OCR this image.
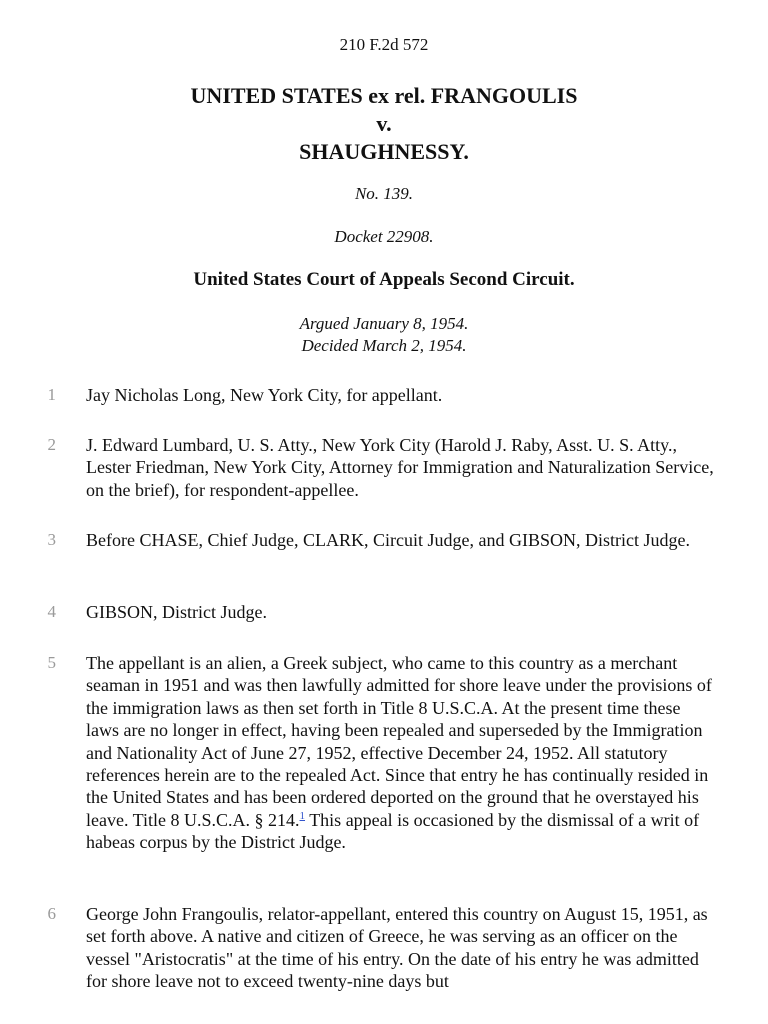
210 F.2d 572
UNITED STATES ex rel. FRANGOULIS
v.
SHAUGHNESSY.
No. 139.
Docket 22908.
United States Court of Appeals Second Circuit.
Argued January 8, 1954.
Decided March 2, 1954.
1 Jay Nicholas Long, New York City, for appellant.
2 J. Edward Lumbard, U. S. Atty., New York City (Harold J. Raby, Asst. U. S. Atty., Lester Friedman, New York City, Attorney for Immigration and Naturalization Service, on the brief), for respondent-appellee.
3 Before CHASE, Chief Judge, CLARK, Circuit Judge, and GIBSON, District Judge.
4 GIBSON, District Judge.
5 The appellant is an alien, a Greek subject, who came to this country as a merchant seaman in 1951 and was then lawfully admitted for shore leave under the provisions of the immigration laws as then set forth in Title 8 U.S.C.A. At the present time these laws are no longer in effect, having been repealed and superseded by the Immigration and Nationality Act of June 27, 1952, effective December 24, 1952. All statutory references herein are to the repealed Act. Since that entry he has continually resided in the United States and has been ordered deported on the ground that he overstayed his leave. Title 8 U.S.C.A. § 214.$^1$ This appeal is occasioned by the dismissal of a writ of habeas corpus by the District Judge.
6 George John Frangoulis, relator-appellant, entered this country on August 15, 1951, as set forth above. A native and citizen of Greece, he was serving as an officer on the vessel "Aristocratis" at the time of his entry. On the date of his entry he was admitted for shore leave not to exceed twenty-nine days but
